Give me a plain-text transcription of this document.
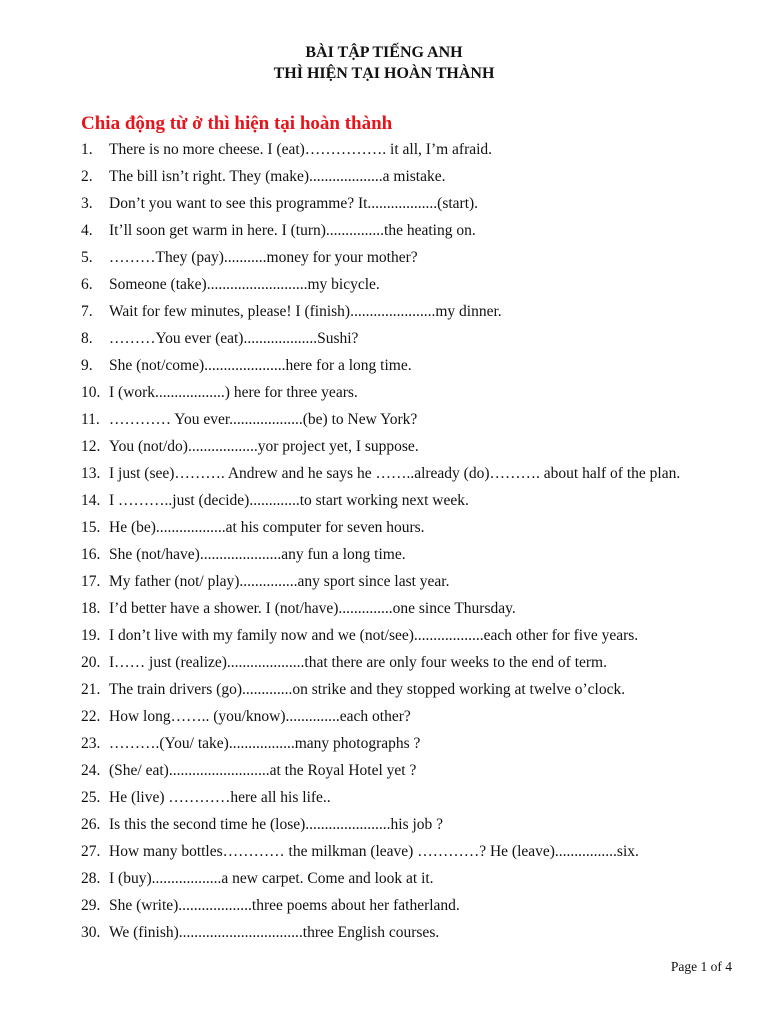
BÀI TẬP TIẾNG ANH
THÌ HIỆN TẠI HOÀN THÀNH
Chia động từ ở thì hiện tại hoàn thành
1. There is no more cheese. I (eat)……………. it all, I’m afraid.
2. The bill isn’t right. They (make)...................a mistake.
3. Don’t you want to see this programme? It..................(start).
4. It’ll soon get warm in here. I (turn)...............the heating on.
5. ………They (pay)...........money for your mother?
6. Someone (take)..........................my bicycle.
7. Wait for few minutes, please! I (finish)......................my dinner.
8. ………You ever (eat)...................Sushi?
9. She (not/come).....................here for a long time.
10. I (work..................) here for three years.
11. ………… You ever...................(be) to New York?
12. You (not/do)..................yor project yet, I suppose.
13. I just (see)………. Andrew and he says he ……..already (do)………. about half of the plan.
14. I ………..just (decide).............to start working next week.
15. He (be)..................at his computer for seven hours.
16. She (not/have).....................any fun a long time.
17. My father (not/ play)...............any sport since last year.
18. I’d better have a shower. I (not/have)..............one since Thursday.
19. I don’t live with my family now and we (not/see)..................each other for five years.
20. I…… just (realize)....................that there are only four weeks to the end of term.
21. The train drivers (go).............on strike and they stopped working at twelve o’clock.
22. How long…….. (you/know)..............each other?
23. ……….(You/ take).................many photographs ?
24. (She/ eat)..........................at the Royal Hotel yet ?
25. He (live) …………here all his life..
26. Is this the second time he (lose)......................his job ?
27. How many bottles………… the milkman (leave) …………? He (leave)................six.
28. I (buy)..................a new carpet. Come and look at it.
29. She (write)...................three poems about her fatherland.
30. We (finish)................................three English courses.
Page 1 of 4
